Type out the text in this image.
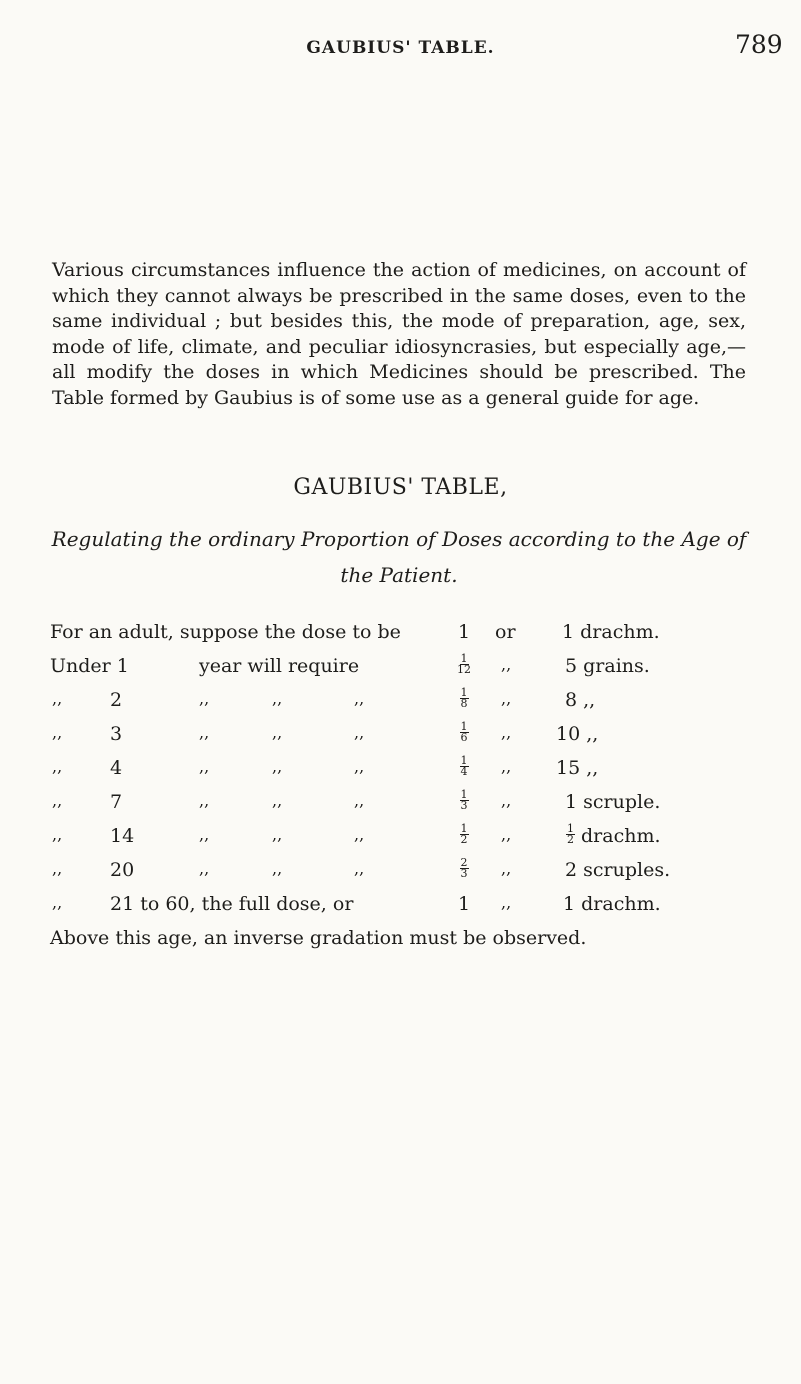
GAUBIUS' TABLE.	789

Various circumstances influence the action of medicines, on account of which they cannot always be prescribed in the same doses, even to the same individual ; but besides this, the mode of preparation, age, sex, mode of life, climate, and peculiar idiosyncrasies, but especially age,—all modify the doses in which Medicines should be prescribed. The Table formed by Gaubius is of some use as a general guide for age.

GAUBIUS' TABLE,
Regulating the ordinary Proportion of Doses according to the Age of the Patient.
For an adult, suppose the dose to be	1	or 1 drachm.
Under 1	year will require	$\frac{1}{12}$ ,,	5 grains.
,,	2	,,	,,	,,	$\frac{1}{8}$ ,,	8 ,,
,,	3	,,	,,	,,	$\frac{1}{6}$ ,, 10 ,,
,,	4	,,	,,	,,	$\frac{1}{4}$ ,, 15 ,,
,,	7	,,	,,	,,	$\frac{1}{3}$ ,,	1 scruple.
,,	14	,,	,,	,,	$\frac{1}{2}$ ,,	$\frac{1}{2}$ drachm.
,,	20	,,	,,	,,	$\frac{2}{3}$ ,,	2 scruples.
,,	21 to 60, the full dose, or	1	,,	1 drachm.

Above this age, an inverse gradation must be observed.
